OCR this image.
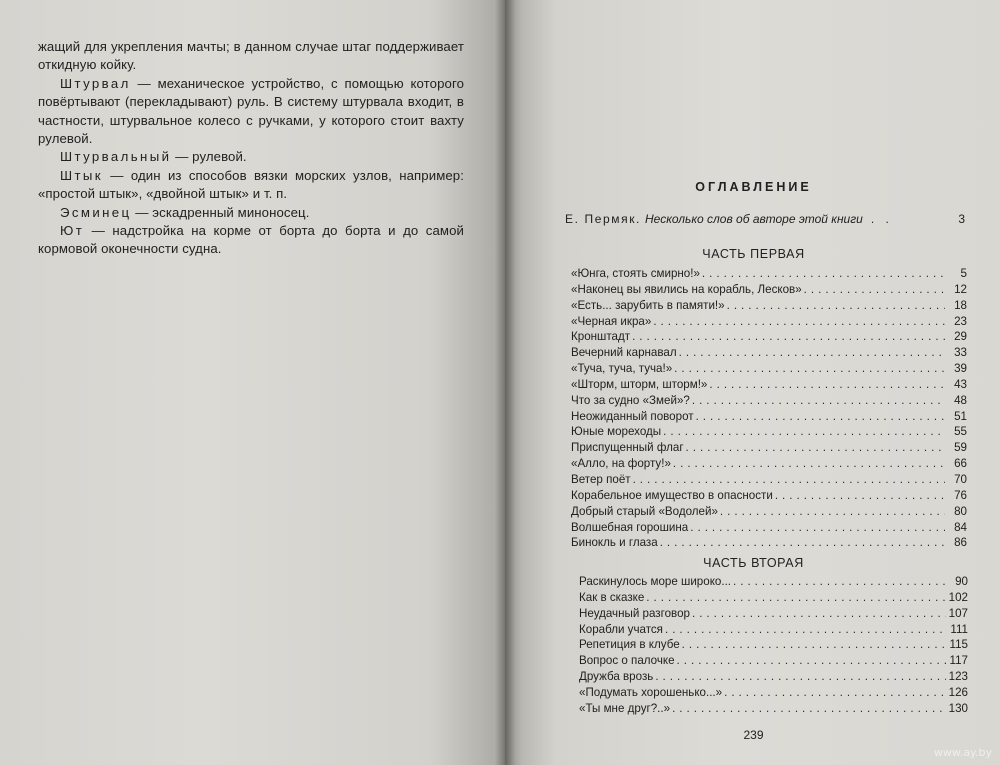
жащий для укрепления мачты; в данном случае штаг поддерживает откидную койку.

Штурвал — механическое устройство, с помощью которого повёртывают (перекладывают) руль. В систему штурвала входит, в частности, штурвальное колесо с ручками, у которого стоит вахту рулевой.

Штурвальный — рулевой.

Штык — один из способов вязки морских узлов, например: «простой штык», «двойной штык» и т. п.

Эсминец — эскадренный миноносец.

Ют — надстройка на корме от борта до борта и до самой кормовой оконечности судна.

ОГЛАВЛЕНИЕ
Е. Пермяк. Несколько слов об авторе этой книги . .	3
ЧАСТЬ ПЕРВАЯ
«Юнга, стоять смирно!» .....	5
«Наконец вы явились на корабль, Лесков» .....	12
«Есть... зарубить в памяти!» .....	18
«Черная икра» .....	23
Кронштадт .....	29
Вечерний карнавал .....	33
«Туча, туча, туча!» .....	39
«Шторм, шторм, шторм!» .....	43
Что за судно «Змей»? .....	48
Неожиданный поворот .....	51
Юные мореходы .....	55
Приспущенный флаг .....	59
«Алло, на форту!» .....	66
Ветер поёт .....	70
Корабельное имущество в опасности .....	76
Добрый старый «Водолей» .....	80
Волшебная горошина .....	84
Бинокль и глаза .....	86
ЧАСТЬ ВТОРАЯ
Раскинулось море широко... .....	90
Как в сказке .....	102
Неудачный разговор .....	107
Корабли учатся .....	111
Репетиция в клубе .....	115
Вопрос о палочке .....	117
Дружба врозь .....	123
«Подумать хорошенько...» .....	126
«Ты мне друг?..» .....	130
239
www.ay.by
